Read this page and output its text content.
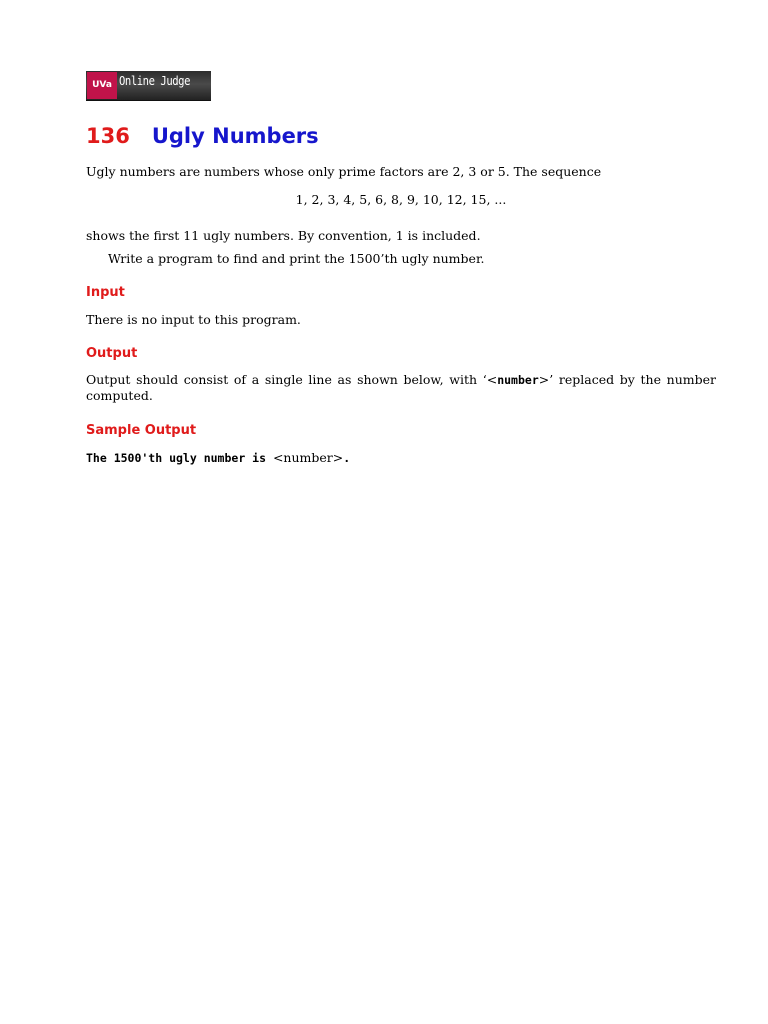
UVa Online Judge
136 Ugly Numbers

Ugly numbers are numbers whose only prime factors are 2, 3 or 5. The sequence

1, 2, 3, 4, 5, 6, 8, 9, 10, 12, 15, ...

shows the first 11 ugly numbers. By convention, 1 is included.

Write a program to find and print the 1500’th ugly number.

Input

There is no input to this program.

Output

Output should consist of a single line as shown below, with ‘<number>’ replaced by the number computed.

Sample Output

The 1500'th ugly number is <number>.
